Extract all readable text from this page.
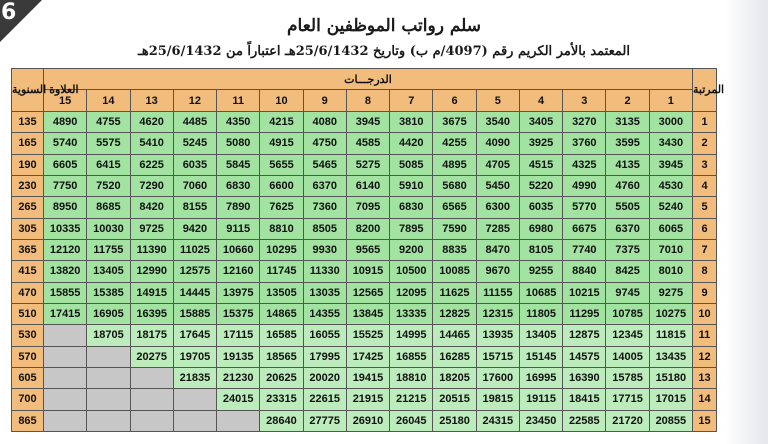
6
سلم رواتب الموظفين العام
المعتمد بالأمر الكريم رقم (4097/م ب) وتاريخ 25/6/1432هـ اعتباراً من 25/6/1432هـ
العلاوة السنوية	الدرجـــات															المرتبة
	15	14	13	12	11	10	9	8	7	6	5	4	3	2	1	
135	4890	4755	4620	4485	4350	4215	4080	3945	3810	3675	3540	3405	3270	3135	3000	1
165	5740	5575	5410	5245	5080	4915	4750	4585	4420	4255	4090	3925	3760	3595	3430	2
190	6605	6415	6225	6035	5845	5655	5465	5275	5085	4895	4705	4515	4325	4135	3945	3
230	7750	7520	7290	7060	6830	6600	6370	6140	5910	5680	5450	5220	4990	4760	4530	4
265	8950	8685	8420	8155	7890	7625	7360	7095	6830	6565	6300	6035	5770	5505	5240	5
305	10335	10030	9725	9420	9115	8810	8505	8200	7895	7590	7285	6980	6675	6370	6065	6
365	12120	11755	11390	11025	10660	10295	9930	9565	9200	8835	8470	8105	7740	7375	7010	7
415	13820	13405	12990	12575	12160	11745	11330	10915	10500	10085	9670	9255	8840	8425	8010	8
470	15855	15385	14915	14445	13975	13505	13035	12565	12095	11625	11155	10685	10215	9745	9275	9
510	17415	16905	16395	15885	15375	14865	14355	13845	13335	12825	12315	11805	11295	10785	10275	10
530		18705	18175	17645	17115	16585	16055	15525	14995	14465	13935	13405	12875	12345	11815	11
570			20275	19705	19135	18565	17995	17425	16855	16285	15715	15145	14575	14005	13435	12
605				21835	21230	20625	20020	19415	18810	18205	17600	16995	16390	15785	15180	13
700					24015	23315	22615	21915	21215	20515	19815	19115	18415	17715	17015	14
865						28640	27775	26910	26045	25180	24315	23450	22585	21720	20855	15
